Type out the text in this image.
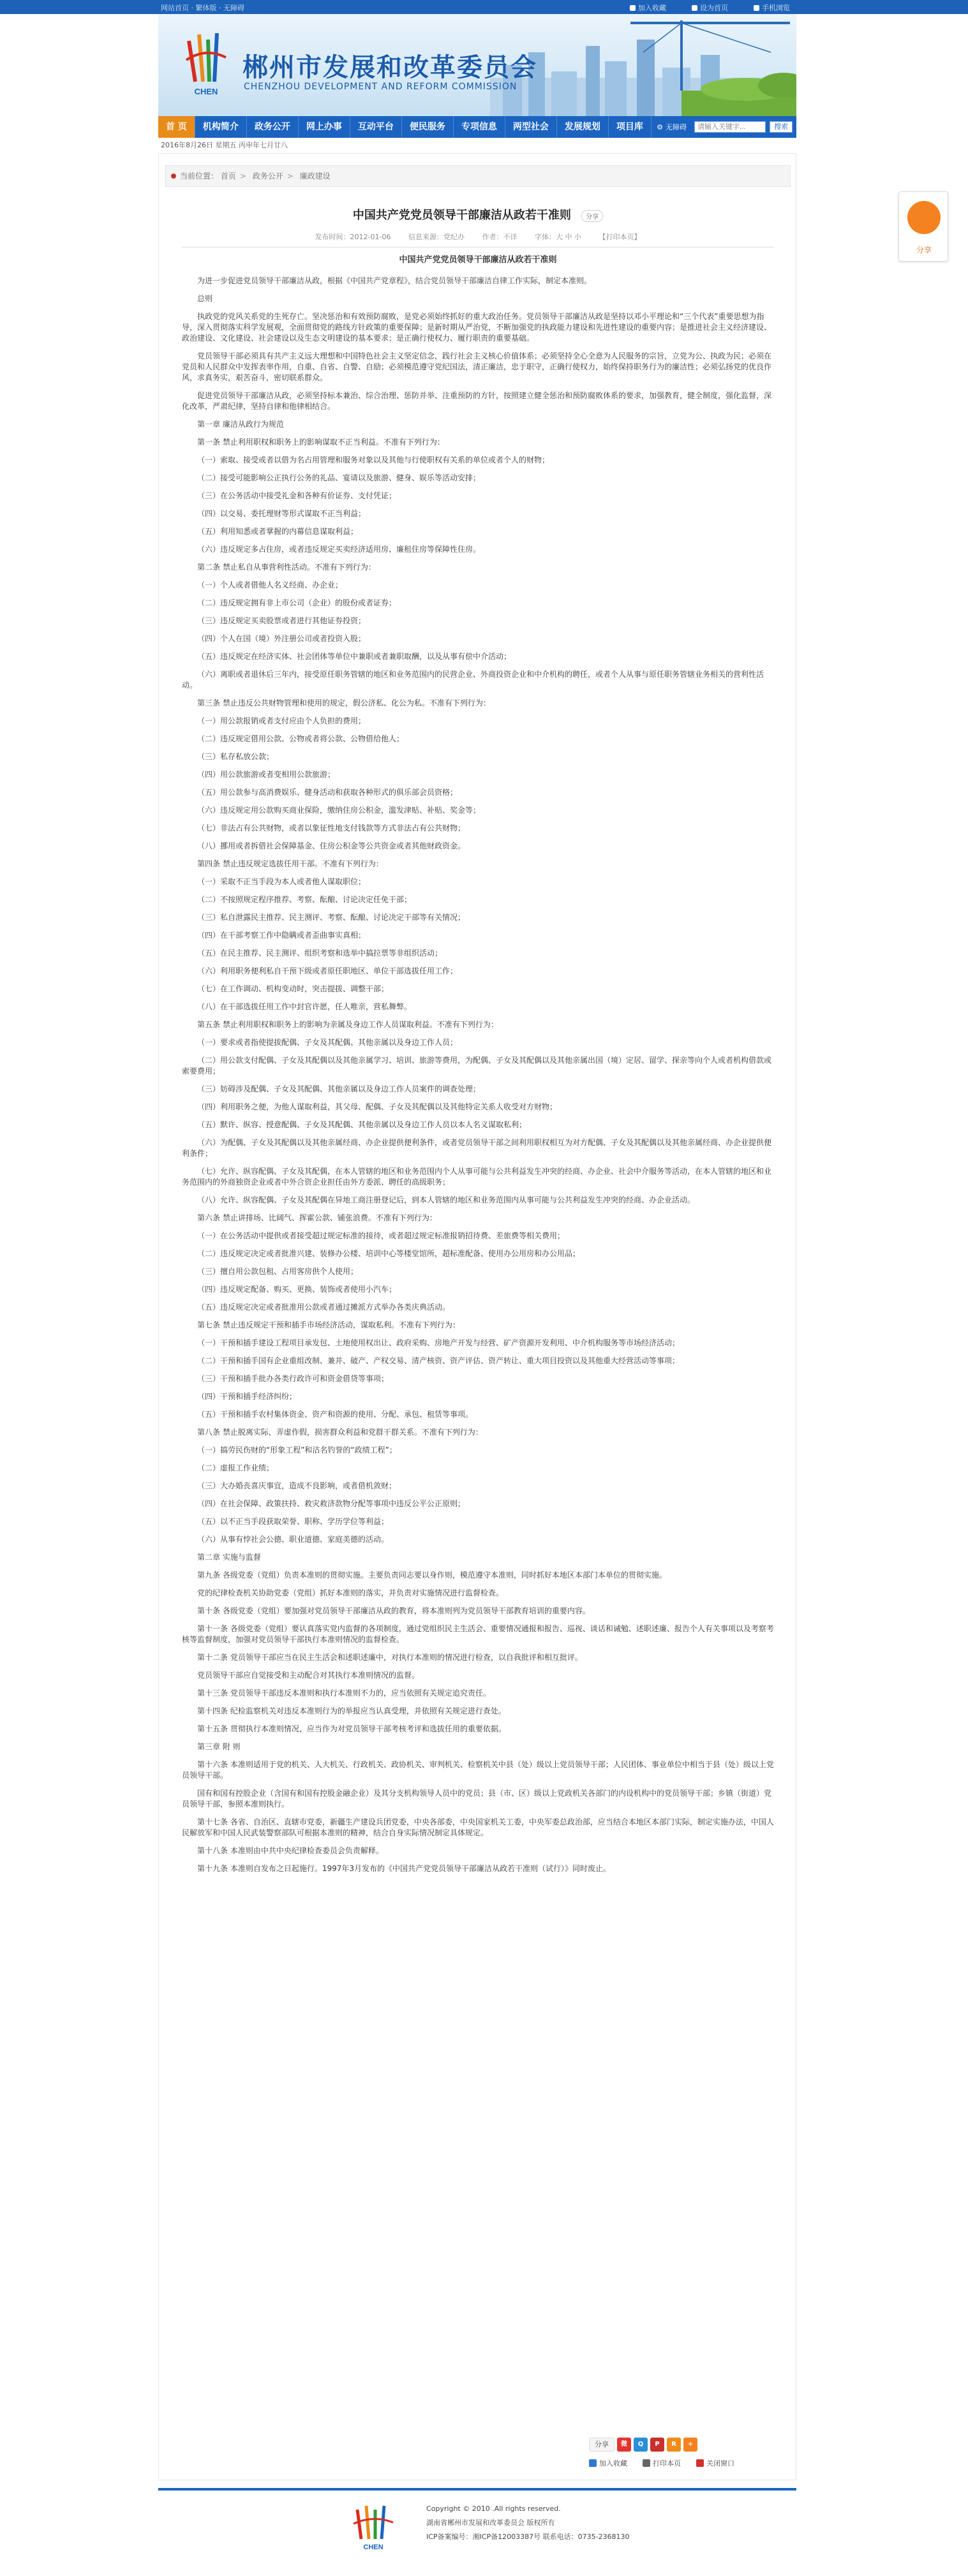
网站首页 · 繁体版 · 无障碍	加入收藏	设为首页	手机浏览
CHEN
郴州市发展和改革委员会
CHENZHOU DEVELOPMENT AND REFORM COMMISSION
首 页	机构简介	政务公开	网上办事	互动平台	便民服务	专项信息	两型社会	发展规划	项目库	⚙ 无障碍
请输入关键字...	搜索
2016年8月26日 星期五 丙申年七月廿八
当前位置： 首页 > 政务公开 > 廉政建设
中国共产党党员领导干部廉洁从政若干准则 分享
发布时间：2012-01-06	信息来源：党纪办	作者：不详	字体：大 中 小	【打印本页】

中国共产党党员领导干部廉洁从政若干准则

为进一步促进党员领导干部廉洁从政，根据《中国共产党章程》，结合党员领导干部廉洁自律工作实际，制定本准则。

总则

执政党的党风关系党的生死存亡。坚决惩治和有效预防腐败，是党必须始终抓好的重大政治任务。党员领导干部廉洁从政是坚持以邓小平理论和“三个代表”重要思想为指导，深入贯彻落实科学发展观，全面贯彻党的路线方针政策的重要保障；是新时期从严治党，不断加强党的执政能力建设和先进性建设的重要内容；是推进社会主义经济建设、政治建设、文化建设、社会建设以及生态文明建设的基本要求；是正确行使权力、履行职责的重要基础。

党员领导干部必须具有共产主义远大理想和中国特色社会主义坚定信念，践行社会主义核心价值体系；必须坚持全心全意为人民服务的宗旨，立党为公、执政为民；必须在党员和人民群众中发挥表率作用，自重、自省、自警、自励；必须模范遵守党纪国法，清正廉洁，忠于职守，正确行使权力，始终保持职务行为的廉洁性；必须弘扬党的优良作风，求真务实，艰苦奋斗，密切联系群众。

促进党员领导干部廉洁从政，必须坚持标本兼治、综合治理、惩防并举、注重预防的方针，按照建立健全惩治和预防腐败体系的要求，加强教育，健全制度，强化监督，深化改革，严肃纪律，坚持自律和他律相结合。

第一章 廉洁从政行为规范

第一条 禁止利用职权和职务上的影响谋取不正当利益。不准有下列行为：

（一）索取、接受或者以借为名占用管理和服务对象以及其他与行使职权有关系的单位或者个人的财物；

（二）接受可能影响公正执行公务的礼品、宴请以及旅游、健身、娱乐等活动安排；

（三）在公务活动中接受礼金和各种有价证券、支付凭证；

（四）以交易、委托理财等形式谋取不正当利益；

（五）利用知悉或者掌握的内幕信息谋取利益；

（六）违反规定多占住房，或者违反规定买卖经济适用房、廉租住房等保障性住房。

第二条 禁止私自从事营利性活动。不准有下列行为：

（一）个人或者借他人名义经商、办企业；

（二）违反规定拥有非上市公司（企业）的股份或者证券；

（三）违反规定买卖股票或者进行其他证券投资；

（四）个人在国（境）外注册公司或者投资入股；

（五）违反规定在经济实体、社会团体等单位中兼职或者兼职取酬，以及从事有偿中介活动；

（六）离职或者退休后三年内，接受原任职务管辖的地区和业务范围内的民营企业、外商投资企业和中介机构的聘任，或者个人从事与原任职务管辖业务相关的营利性活动。

第三条 禁止违反公共财物管理和使用的规定，假公济私、化公为私。不准有下列行为：

（一）用公款报销或者支付应由个人负担的费用；

（二）违反规定借用公款、公物或者将公款、公物借给他人；

（三）私存私放公款；

（四）用公款旅游或者变相用公款旅游；

（五）用公款参与高消费娱乐、健身活动和获取各种形式的俱乐部会员资格；

（六）违反规定用公款购买商业保险，缴纳住房公积金，滥发津贴、补贴、奖金等；

（七）非法占有公共财物，或者以象征性地支付钱款等方式非法占有公共财物；

（八）挪用或者拆借社会保障基金、住房公积金等公共资金或者其他财政资金。

第四条 禁止违反规定选拔任用干部。不准有下列行为：

（一）采取不正当手段为本人或者他人谋取职位；

（二）不按照规定程序推荐、考察、酝酿、讨论决定任免干部；

（三）私自泄露民主推荐、民主测评、考察、酝酿、讨论决定干部等有关情况；

（四）在干部考察工作中隐瞒或者歪曲事实真相；

（五）在民主推荐、民主测评、组织考察和选举中搞拉票等非组织活动；

（六）利用职务便利私自干预下级或者原任职地区、单位干部选拔任用工作；

（七）在工作调动、机构变动时，突击提拔、调整干部；

（八）在干部选拔任用工作中封官许愿，任人唯亲，营私舞弊。

第五条 禁止利用职权和职务上的影响为亲属及身边工作人员谋取利益。不准有下列行为：

（一）要求或者指使提拔配偶、子女及其配偶、其他亲属以及身边工作人员；

（二）用公款支付配偶、子女及其配偶以及其他亲属学习、培训、旅游等费用，为配偶、子女及其配偶以及其他亲属出国（境）定居、留学、探亲等向个人或者机构借款或索要费用；

（三）妨碍涉及配偶、子女及其配偶、其他亲属以及身边工作人员案件的调查处理；

（四）利用职务之便，为他人谋取利益，其父母、配偶、子女及其配偶以及其他特定关系人收受对方财物；

（五）默许、纵容、授意配偶、子女及其配偶、其他亲属以及身边工作人员以本人名义谋取私利；

（六）为配偶、子女及其配偶以及其他亲属经商、办企业提供便利条件，或者党员领导干部之间利用职权相互为对方配偶、子女及其配偶以及其他亲属经商、办企业提供便利条件；

（七）允许、纵容配偶、子女及其配偶，在本人管辖的地区和业务范围内个人从事可能与公共利益发生冲突的经商、办企业、社会中介服务等活动，在本人管辖的地区和业务范围内的外商独资企业或者中外合资企业担任由外方委派、聘任的高级职务；

（八）允许、纵容配偶、子女及其配偶在异地工商注册登记后，到本人管辖的地区和业务范围内从事可能与公共利益发生冲突的经商、办企业活动。

第六条 禁止讲排场、比阔气、挥霍公款、铺张浪费。不准有下列行为：

（一）在公务活动中提供或者接受超过规定标准的接待，或者超过规定标准报销招待费、差旅费等相关费用；

（二）违反规定决定或者批准兴建、装修办公楼、培训中心等楼堂馆所，超标准配备、使用办公用房和办公用品；

（三）擅自用公款包租、占用客房供个人使用；

（四）违反规定配备、购买、更换、装饰或者使用小汽车；

（五）违反规定决定或者批准用公款或者通过摊派方式举办各类庆典活动。

第七条 禁止违反规定干预和插手市场经济活动，谋取私利。不准有下列行为：

（一）干预和插手建设工程项目承发包、土地使用权出让、政府采购、房地产开发与经营、矿产资源开发利用、中介机构服务等市场经济活动；

（二）干预和插手国有企业重组改制、兼并、破产、产权交易、清产核资、资产评估、资产转让、重大项目投资以及其他重大经营活动等事项；

（三）干预和插手批办各类行政许可和资金借贷等事项；

（四）干预和插手经济纠纷；

（五）干预和插手农村集体资金、资产和资源的使用、分配、承包、租赁等事项。

第八条 禁止脱离实际，弄虚作假，损害群众利益和党群干群关系。不准有下列行为：

（一）搞劳民伤财的“形象工程”和沽名钓誉的“政绩工程”；

（二）虚报工作业绩；

（三）大办婚丧喜庆事宜，造成不良影响，或者借机敛财；

（四）在社会保障、政策扶持、救灾救济款物分配等事项中违反公平公正原则；

（五）以不正当手段获取荣誉、职称、学历学位等利益；

（六）从事有悖社会公德、职业道德、家庭美德的活动。

第二章 实施与监督

第九条 各级党委（党组）负责本准则的贯彻实施。主要负责同志要以身作则，模范遵守本准则，同时抓好本地区本部门本单位的贯彻实施。

党的纪律检查机关协助党委（党组）抓好本准则的落实，并负责对实施情况进行监督检查。

第十条 各级党委（党组）要加强对党员领导干部廉洁从政的教育，将本准则列为党员领导干部教育培训的重要内容。

第十一条 各级党委（党组）要认真落实党内监督的各项制度，通过党组织民主生活会、重要情况通报和报告、巡视、谈话和诫勉、述职述廉、报告个人有关事项以及考察考核等监督制度，加强对党员领导干部执行本准则情况的监督检查。

第十二条 党员领导干部应当在民主生活会和述职述廉中，对执行本准则的情况进行检查，以自我批评和相互批评。

党员领导干部应自觉接受和主动配合对其执行本准则情况的监督。

第十三条 党员领导干部违反本准则和执行本准则不力的，应当依照有关规定追究责任。

第十四条 纪检监察机关对违反本准则行为的举报应当认真受理，并依照有关规定进行查处。

第十五条 贯彻执行本准则情况，应当作为对党员领导干部考核考评和选拔任用的重要依据。

第三章 附 则

第十六条 本准则适用于党的机关、人大机关、行政机关、政协机关、审判机关、检察机关中县（处）级以上党员领导干部；人民团体、事业单位中相当于县（处）级以上党员领导干部。

国有和国有控股企业（含国有和国有控股金融企业）及其分支机构领导人员中的党员；县（市、区）级以上党政机关各部门的内设机构中的党员领导干部；乡镇（街道）党员领导干部，参照本准则执行。

第十七条 各省、自治区、直辖市党委，新疆生产建设兵团党委，中央各部委，中央国家机关工委，中央军委总政治部，应当结合本地区本部门实际，制定实施办法，中国人民解放军和中国人民武装警察部队可根据本准则的精神，结合自身实际情况制定具体规定。

第十八条 本准则由中共中央纪律检查委员会负责解释。

第十九条 本准则自发布之日起施行。1997年3月发布的《中国共产党党员领导干部廉洁从政若干准则（试行）》同时废止。

分享	微	Q	P	R	+
加入收藏	打印本页	关闭窗口
CHEN
Copyright © 2010 .All rights reserved.
湖南省郴州市发展和改革委员会 版权所有
ICP备案编号：湘ICP备12003387号 联系电话：0735-2368130
分享
